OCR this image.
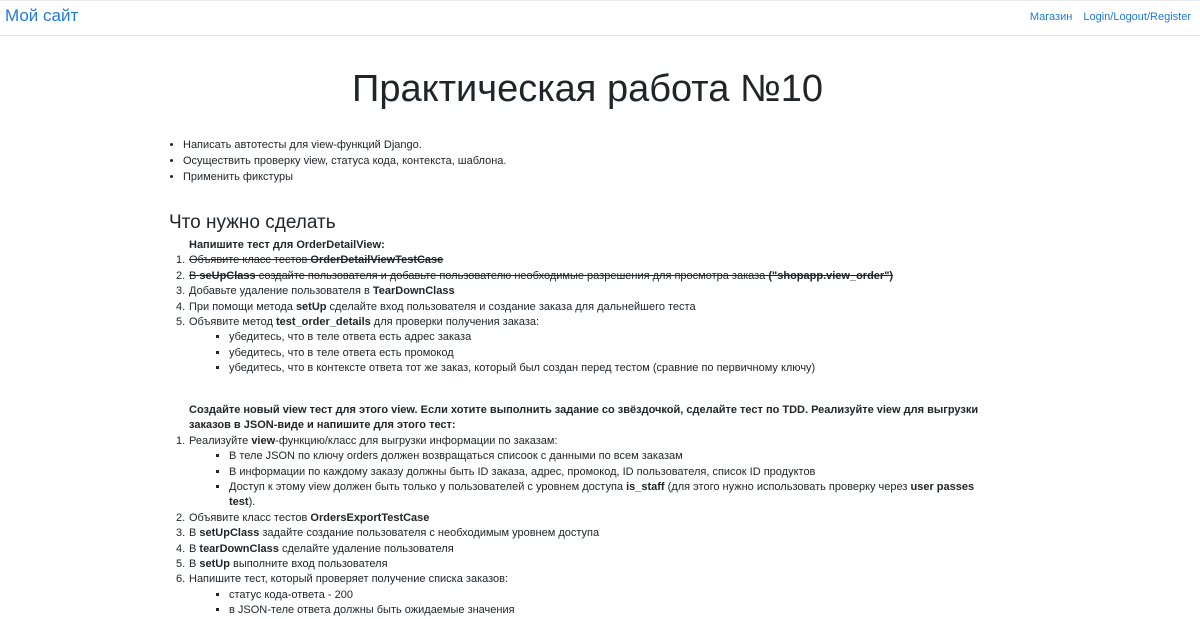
Мой сайт	Магазин Login/Logout/Register
Практическая работа №10
• Написать автотесты для view-функций Django.
• Осуществить проверку view, статуса кода, контекста, шаблона.
• Применить фикстуры
Что нужно сделать

Напишите тест для OrderDetailView:

1. Объявите класс тестов OrderDetailViewTestCase
2. В seUpClass создайте пользователя и добавьте пользователю необходимые разрешения для просмотра заказа ("shopapp.view_order")
3. Добавьте удаление пользователя в TearDownClass
4. При помощи метода setUp сделайте вход пользователя и создание заказа для дальнейшего теста
5. Объявите метод test_order_details для проверки получения заказа:
▪ убедитесь, что в теле ответа есть адрес заказа
▪ убедитесь, что в теле ответа есть промокод
▪ убедитесь, что в контексте ответа тот же заказ, который был создан перед тестом (сравние по первичному ключу)

Создайте новый view тест для этого view. Если хотите выполнить задание со звёздочкой, сделайте тест по TDD. Реализуйте view для выгрузки заказов в JSON-виде и напишите для этого тест:

1. Реализуйте view-функцию/класс для выгрузки информации по заказам:
▪ В теле JSON по ключу orders должен возвращаться списоок с данными по всем заказам
▪ В информации по каждому заказу должны быть ID заказа, адрес, промокод, ID пользователя, список ID продуктов
▪ Доступ к этому view должен быть только у пользователей с уровнем доступа is_staff (для этого нужно использовать проверку через user passes test).
2. Объявите класс тестов OrdersExportTestCase
3. В setUpClass задайте создание пользователя с необходимым уровнем доступа
4. В tearDownClass сделайте удаление пользователя
5. В setUp выполните вход пользователя
6. Напишите тест, который проверяет получение списка заказов:
▪ статус кода-ответа - 200
▪ в JSON-теле ответа должны быть ожидаемые значения
